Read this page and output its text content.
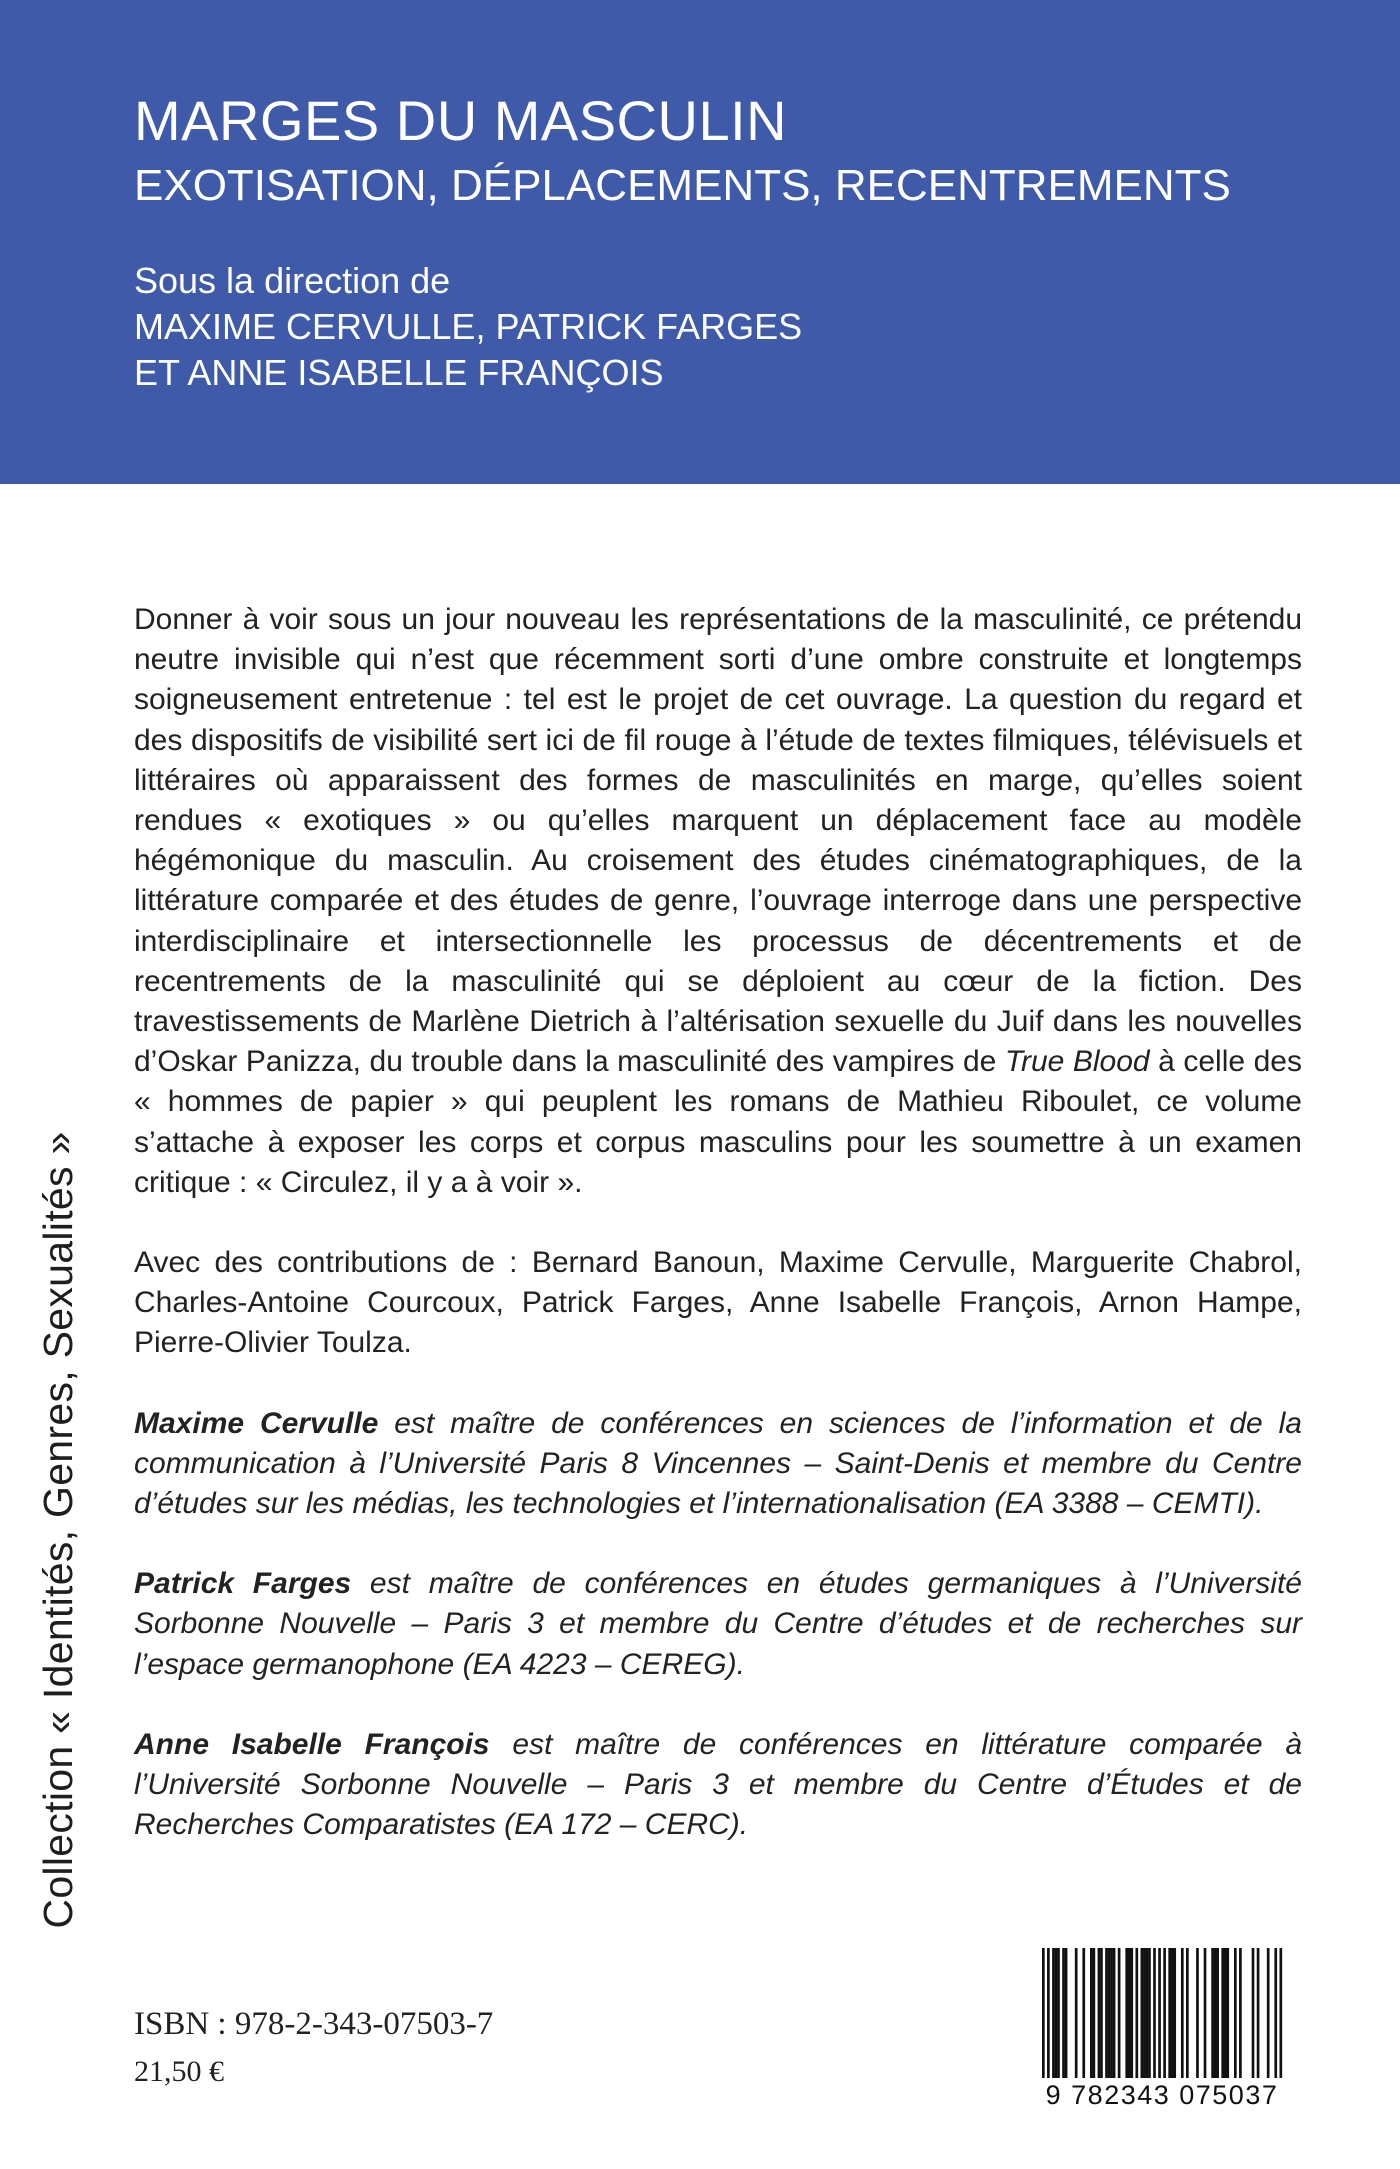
MARGES DU MASCULIN
EXOTISATION, DÉPLACEMENTS, RECENTREMENTS
Sous la direction de
MAXIME CERVULLE, PATRICK FARGES
ET ANNE ISABELLE FRANÇOIS
Collection « Identités, Genres, Sexualités »

Donner à voir sous un jour nouveau les représentations de la masculinité, ce prétendu neutre invisible qui n’est que récemment sorti d’une ombre construite et longtemps soigneusement entretenue : tel est le projet de cet ouvrage. La question du regard et des dispositifs de visibilité sert ici de fil rouge à l’étude de textes filmiques, télévisuels et littéraires où apparaissent des formes de masculinités en marge, qu’elles soient rendues « exotiques » ou qu’elles marquent un déplacement face au modèle hégémonique du masculin. Au croisement des études cinématographiques, de la littérature comparée et des études de genre, l’ouvrage interroge dans une perspective interdisciplinaire et intersectionnelle les processus de décentrements et de recentrements de la masculinité qui se déploient au cœur de la fiction. Des travestissements de Marlène Dietrich à l’altérisation sexuelle du Juif dans les nouvelles d’Oskar Panizza, du trouble dans la masculinité des vampires de True Blood à celle des « hommes de papier » qui peuplent les romans de Mathieu Riboulet, ce volume s’attache à exposer les corps et corpus masculins pour les soumettre à un examen critique : « Circulez, il y a à voir ».

Avec des contributions de : Bernard Banoun, Maxime Cervulle, Marguerite Chabrol, Charles-Antoine Courcoux, Patrick Farges, Anne Isabelle François, Arnon Hampe, Pierre-Olivier Toulza.

Maxime Cervulle est maître de conférences en sciences de l’information et de la communication à l’Université Paris 8 Vincennes – Saint-Denis et membre du Centre d’études sur les médias, les technologies et l’internationalisation (EA 3388 – CEMTI).

Patrick Farges est maître de conférences en études germaniques à l’Université Sorbonne Nouvelle – Paris 3 et membre du Centre d’études et de recherches sur l’espace germanophone (EA 4223 – CEREG).

Anne Isabelle François est maître de conférences en littérature comparée à l’Université Sorbonne Nouvelle – Paris 3 et membre du Centre d’Études et de Recherches Comparatistes (EA 172 – CERC).

ISBN : 978-2-343-07503-7
21,50 €
9 782343 075037
